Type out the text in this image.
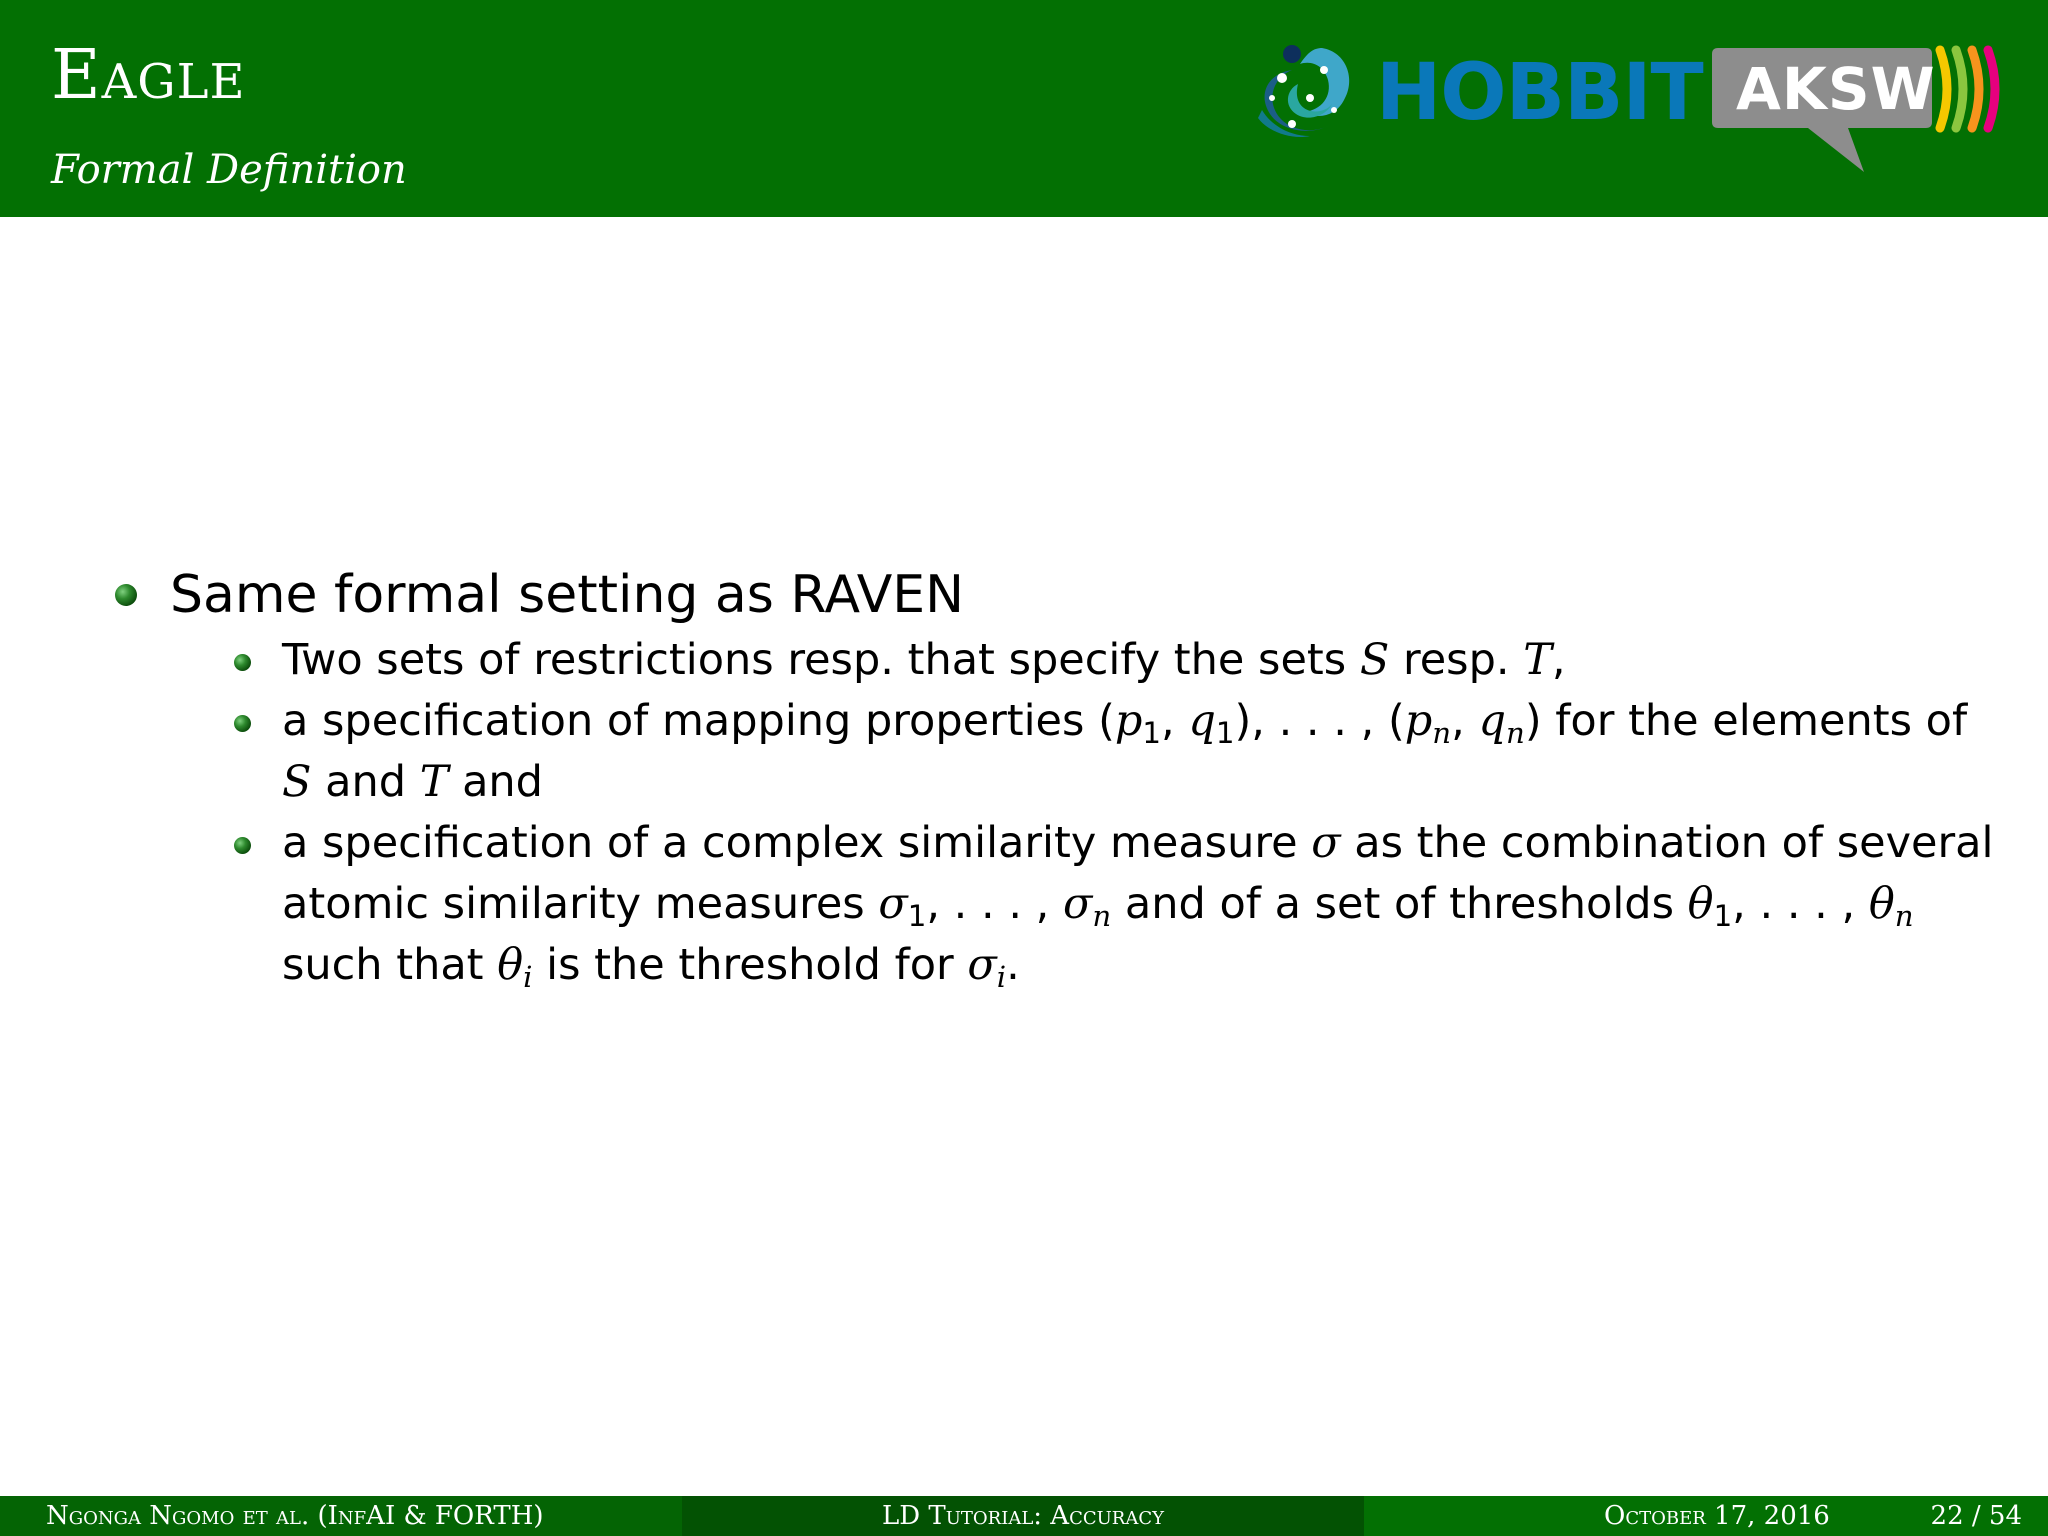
Eagle
Formal Definition
HOBBIT AKSW
Same formal setting as RAVEN
Two sets of restrictions resp. that specify the sets S resp. T,
a specification of mapping properties ($p_1$, $q_1$), . . . , ($p_n$, $q_n$) for the elements of S and T and
a specification of a complex similarity measure σ as the combination of several atomic similarity measures $\sigma_1$, . . . , $\sigma_n$ and of a set of thresholds $\theta_1$, . . . , $\theta_n$ such that $\theta_i$ is the threshold for $\sigma_i$.
Ngonga Ngomo et al. (InfAI & FORTH)	LD Tutorial: Accuracy	October 17, 2016	22 / 54
